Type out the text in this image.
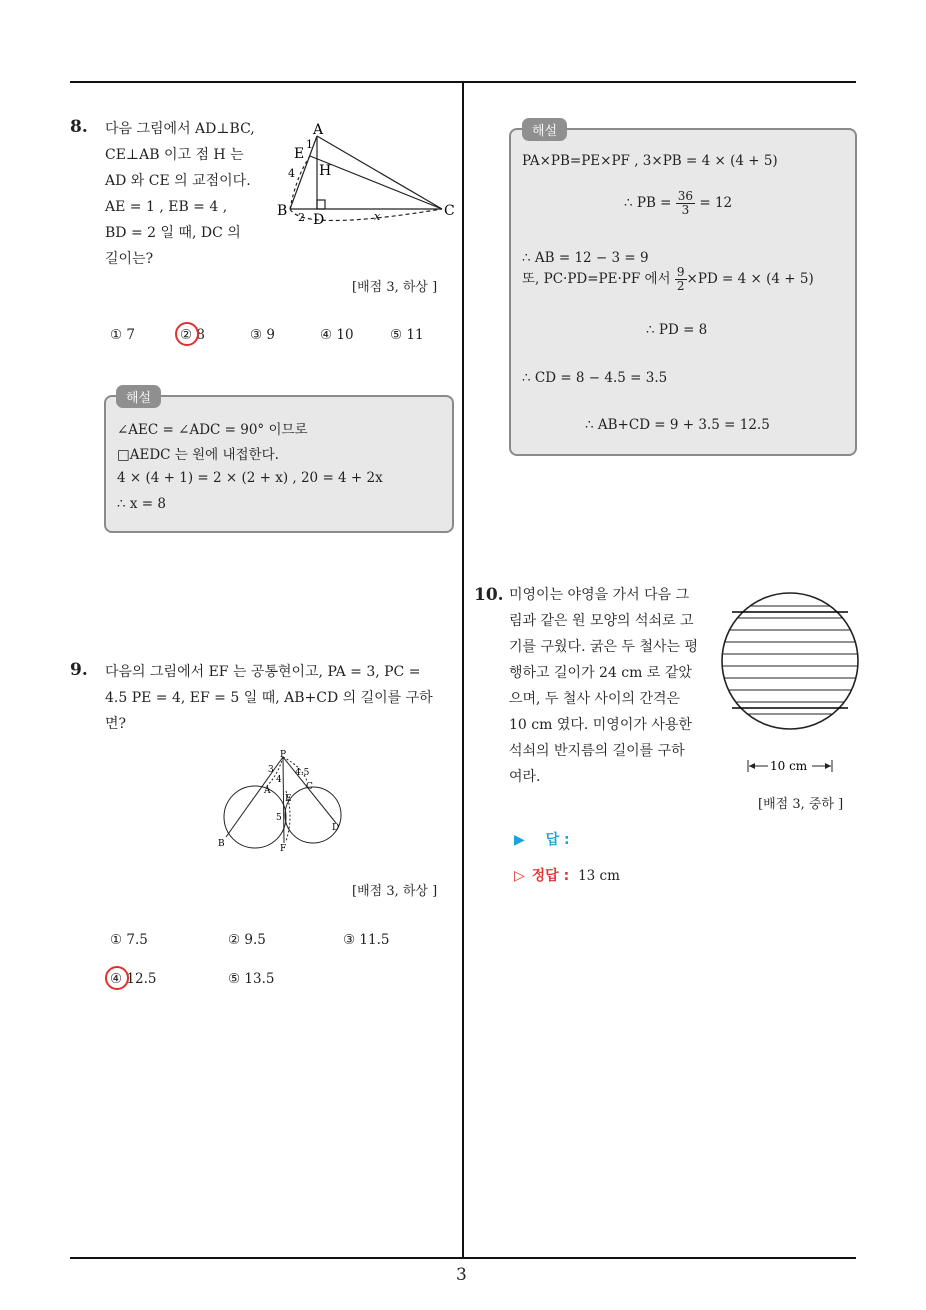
3
8. 다음 그림에서 AD⊥BC,
CE⊥AB 이고 점 H 는
AD 와 CE 의 교점이다.
AE = 1 , EB = 4 ,
BD = 2 일 때, DC 의
길이는?
A
E
H
B
D
C
1
4
2	x
[배점 3, 하상 ]
① 7	② 8	③ 9	④ 10	⑤ 11
해설
∠AEC = ∠ADC = 90° 이므로
□AEDC 는 원에 내접한다.
4 × (4 + 1) = 2 × (2 + x) , 20 = 4 + 2x
∴ x = 8
9. 다음의 그림에서 EF 는 공통현이고, PA = 3, PC =
4.5 PE = 4, EF = 5 일 때, AB+CD 의 길이를 구하
면?
P
3
4
4.5
A
E
C
5
B	F
D
[배점 3, 하상 ]
① 7.5	② 9.5	③ 11.5
④ 12.5	⑤ 13.5
해설
PA×PB=PE×PF , 3×PB = 4 × (4 + 5)
∴ PB = $\frac{36}{3} = 12$
∴ AB = 12 − 3 = 9
또, PC·PD=PE·PF 에서 $\frac{9}{2} \times PD = 4 \times (4 + 5)$
∴ PD = 8
∴ CD = 8 − 4.5 = 3.5
∴ AB+CD = 9 + 3.5 = 12.5
10. 미영이는 야영을 가서 다음 그
림과 같은 원 모양의 석쇠로 고
기를 구웠다. 굵은 두 철사는 평
행하고 길이가 24 cm 로 같았
으며, 두 철사 사이의 간격은
10 cm 였다. 미영이가 사용한
석쇠의 반지름의 길이를 구하
여라.
10 cm
[배점 3, 중하 ]
▶ 답 :
▷ 정답 : 13 cm
